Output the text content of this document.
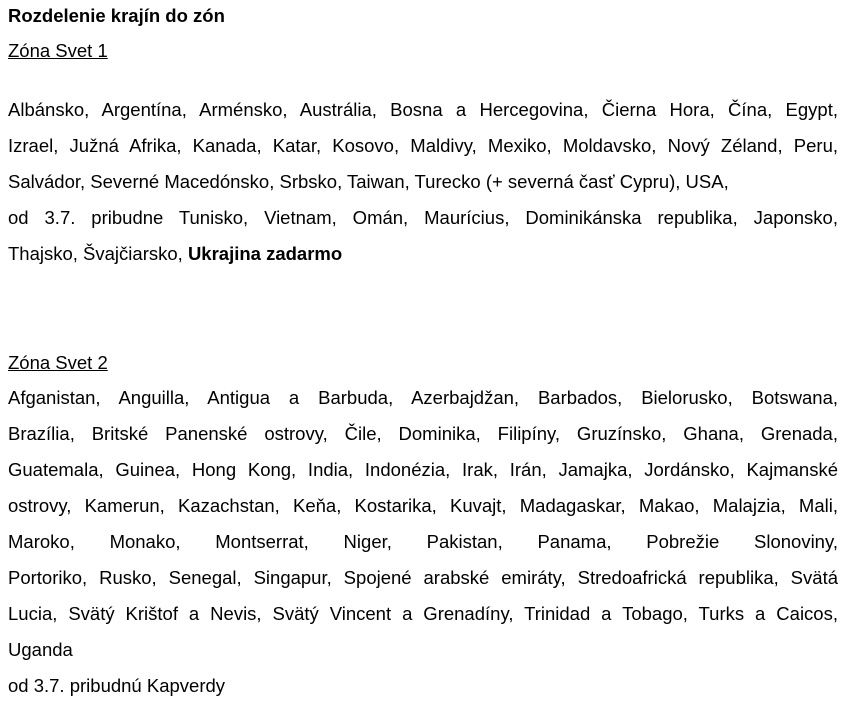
Rozdelenie krajín do zón
Zóna Svet 1
Albánsko, Argentína, Arménsko, Austrália, Bosna a Hercegovina, Čierna Hora, Čína, Egypt,
Izrael, Južná Afrika, Kanada, Katar, Kosovo, Maldivy, Mexiko, Moldavsko, Nový Zéland, Peru,
Salvádor, Severné Macedónsko, Srbsko, Taiwan, Turecko (+ severná časť Cypru), USA,
od 3.7. pribudne Tunisko, Vietnam, Omán, Maurícius, Dominikánska republika, Japonsko,
Thajsko, Švajčiarsko, Ukrajina zadarmo
Zóna Svet 2
Afganistan, Anguilla, Antigua a Barbuda, Azerbajdžan, Barbados, Bielorusko, Botswana,
Brazília, Britské Panenské ostrovy, Čile, Dominika, Filipíny, Gruzínsko, Ghana, Grenada,
Guatemala, Guinea, Hong Kong, India, Indonézia, Irak, Irán, Jamajka, Jordánsko, Kajmanské
ostrovy, Kamerun, Kazachstan, Keňa, Kostarika, Kuvajt, Madagaskar, Makao, Malajzia, Mali,
Maroko, Monako, Montserrat, Niger, Pakistan, Panama, Pobrežie Slonoviny,
Portoriko, Rusko, Senegal, Singapur, Spojené arabské emiráty, Stredoafrická republika, Svätá
Lucia, Svätý Krištof a Nevis, Svätý Vincent a Grenadíny, Trinidad a Tobago, Turks a Caicos,
Uganda
od 3.7. pribudnú Kapverdy
